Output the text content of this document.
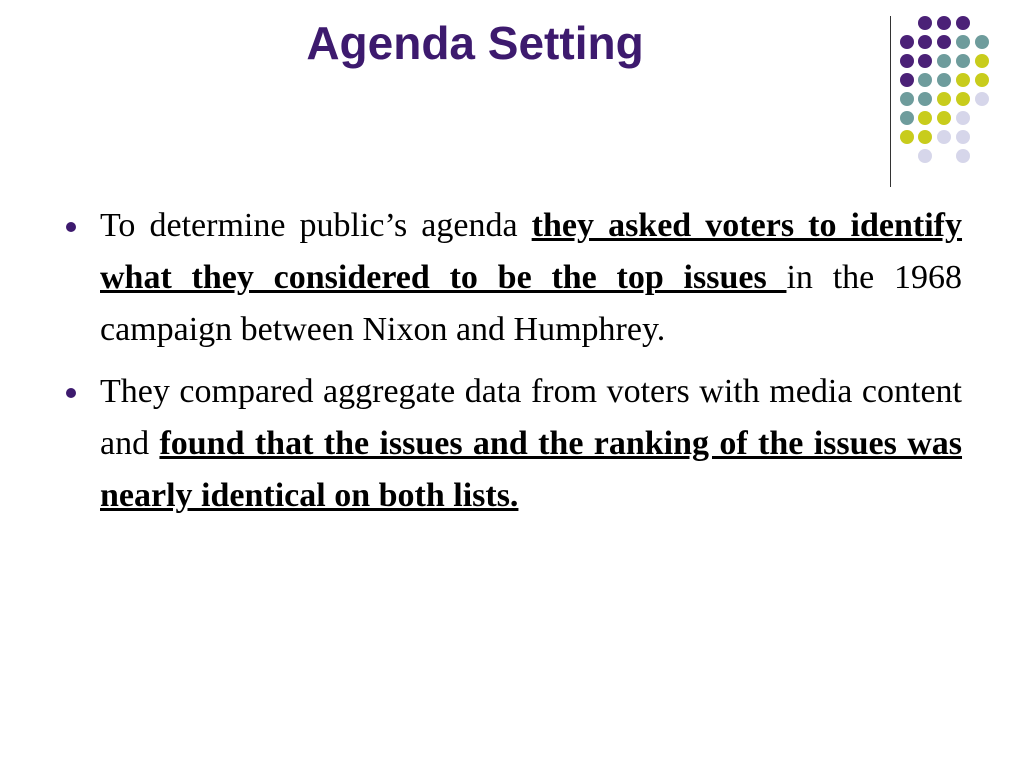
Agenda Setting
To determine public’s agenda they asked voters to identify what they considered to be the top issues in the 1968 campaign between Nixon and Humphrey.
They compared aggregate data from voters with media content and found that the issues and the ranking of the issues was nearly identical on both lists.
